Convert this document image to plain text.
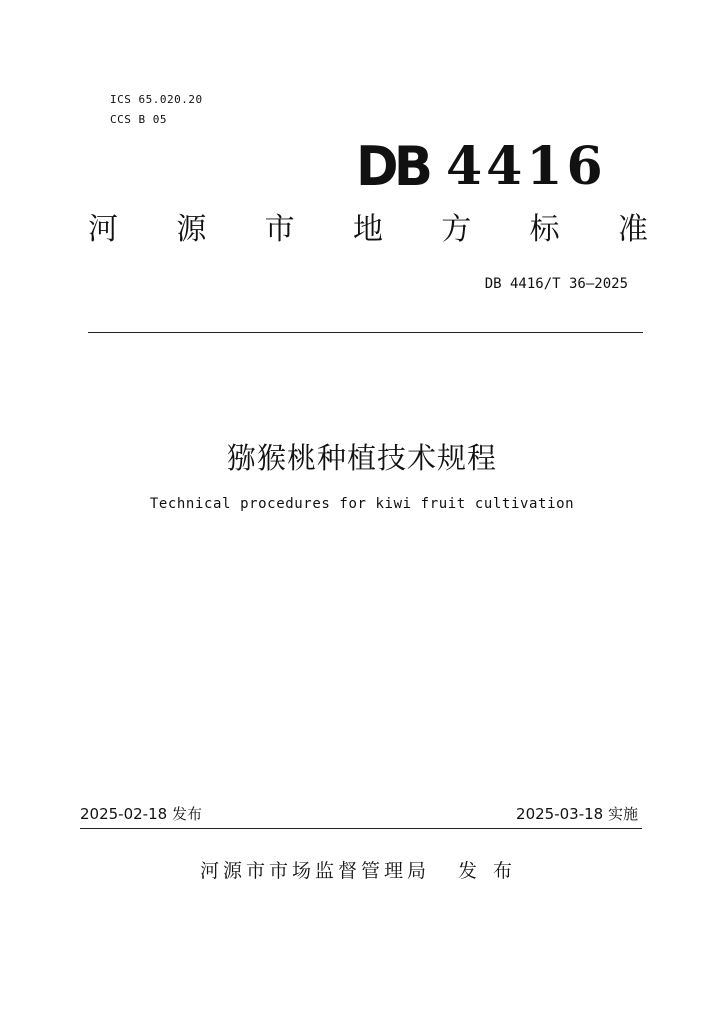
ICS 65.020.20
CCS B 05
DB 4416
河 源 市 地 方 标 准
DB 4416/T 36—2025
猕猴桃种植技术规程
Technical procedures for kiwi fruit cultivation
2025-02-18 发布	2025-03-18 实施
河源市市场监督管理局 发布
